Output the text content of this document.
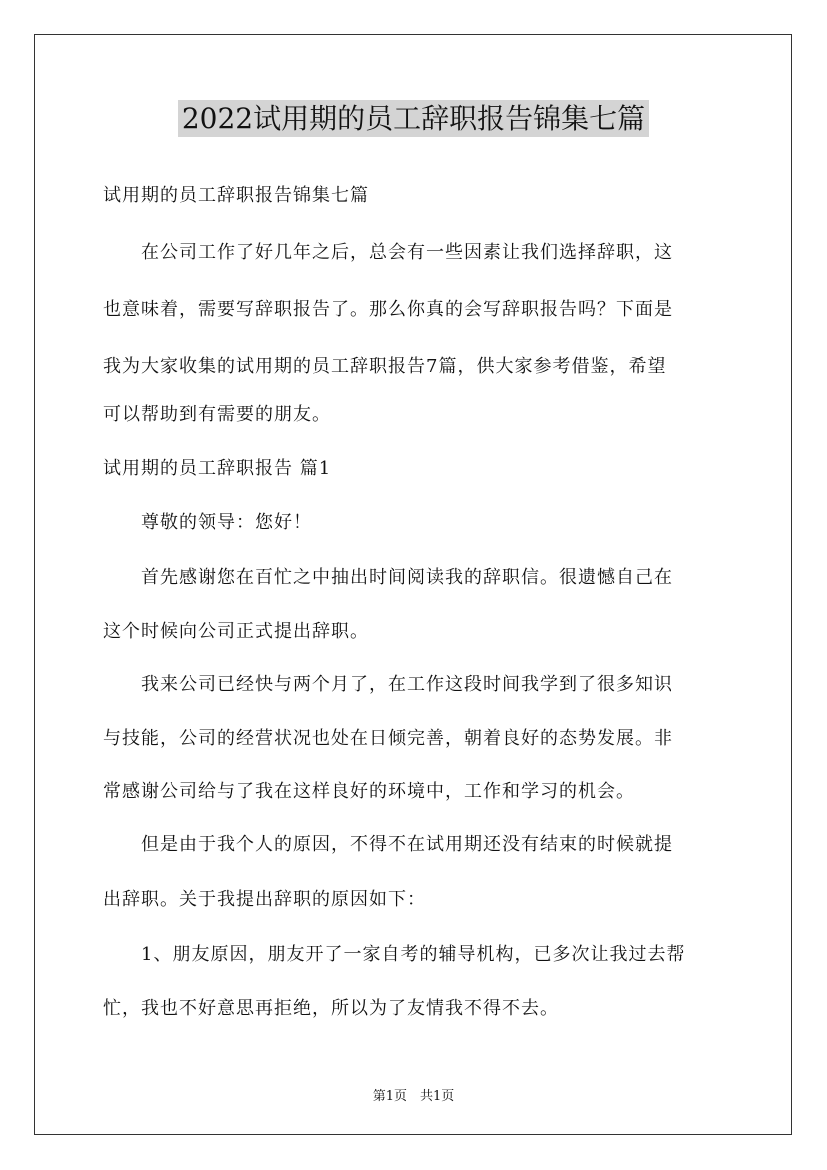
2022试用期的员工辞职报告锦集七篇

试用期的员工辞职报告锦集七篇

　　在公司工作了好几年之后，总会有一些因素让我们选择辞职，这

也意味着，需要写辞职报告了。那么你真的会写辞职报告吗？下面是

我为大家收集的试用期的员工辞职报告7篇，供大家参考借鉴，希望

可以帮助到有需要的朋友。

试用期的员工辞职报告 篇1

　　尊敬的领导：您好！

　　首先感谢您在百忙之中抽出时间阅读我的辞职信。很遗憾自己在

这个时候向公司正式提出辞职。

　　我来公司已经快与两个月了，在工作这段时间我学到了很多知识

与技能，公司的经营状况也处在日倾完善，朝着良好的态势发展。非

常感谢公司给与了我在这样良好的环境中，工作和学习的机会。

　　但是由于我个人的原因，不得不在试用期还没有结束的时候就提

出辞职。关于我提出辞职的原因如下：

　　1、朋友原因，朋友开了一家自考的辅导机构，已多次让我过去帮

忙，我也不好意思再拒绝，所以为了友情我不得不去。

第1页　共1页
